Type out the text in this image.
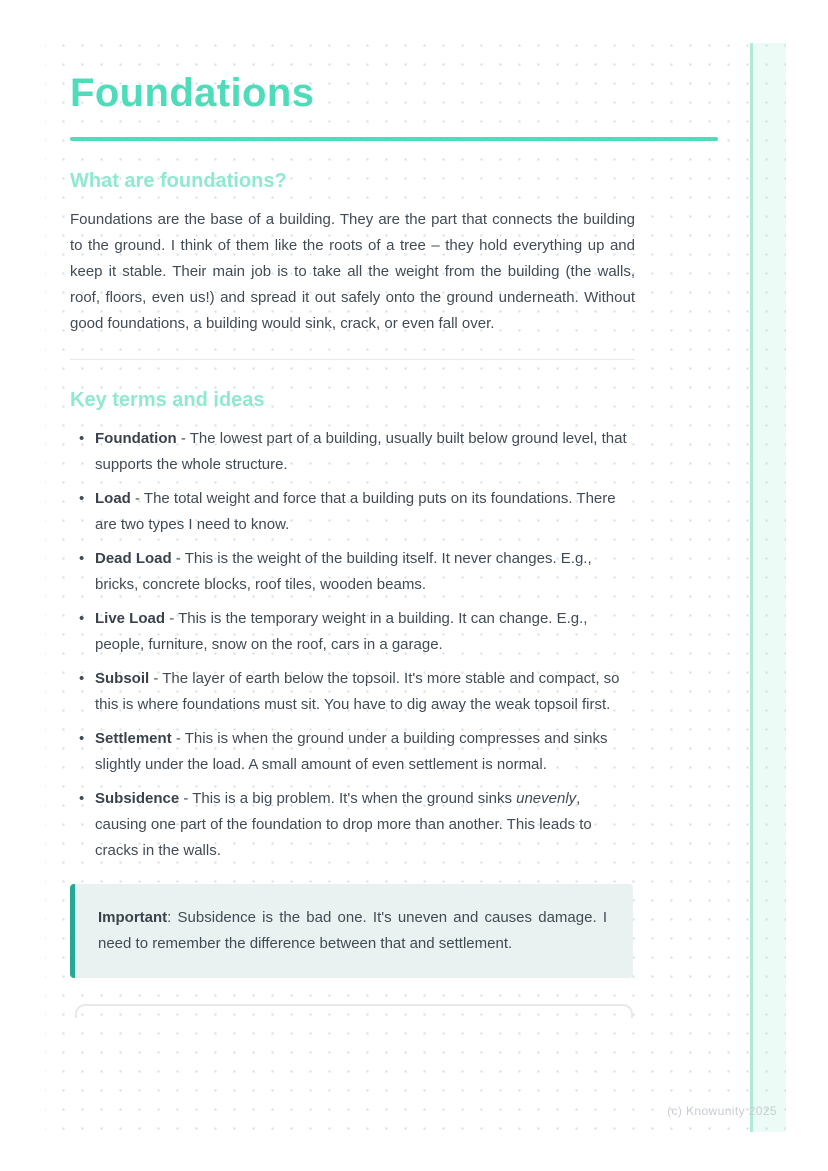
Foundations
What are foundations?

Foundations are the base of a building. They are the part that connects the building to the ground. I think of them like the roots of a tree – they hold everything up and keep it stable. Their main job is to take all the weight from the building (the walls, roof, floors, even us!) and spread it out safely onto the ground underneath. Without good foundations, a building would sink, crack, or even fall over.

Key terms and ideas
• Foundation - The lowest part of a building, usually built below ground level, that supports the whole structure.
• Load - The total weight and force that a building puts on its foundations. There are two types I need to know.
• Dead Load - This is the weight of the building itself. It never changes. E.g., bricks, concrete blocks, roof tiles, wooden beams.
• Live Load - This is the temporary weight in a building. It can change. E.g., people, furniture, snow on the roof, cars in a garage.
• Subsoil - The layer of earth below the topsoil. It's more stable and compact, so this is where foundations must sit. You have to dig away the weak topsoil first.
• Settlement - This is when the ground under a building compresses and sinks slightly under the load. A small amount of even settlement is normal.
• Subsidence - This is a big problem. It's when the ground sinks unevenly, causing one part of the foundation to drop more than another. This leads to cracks in the walls.
Important: Subsidence is the bad one. It's uneven and causes damage. I need to remember the difference between that and settlement.
(c) Knowunity 2025
